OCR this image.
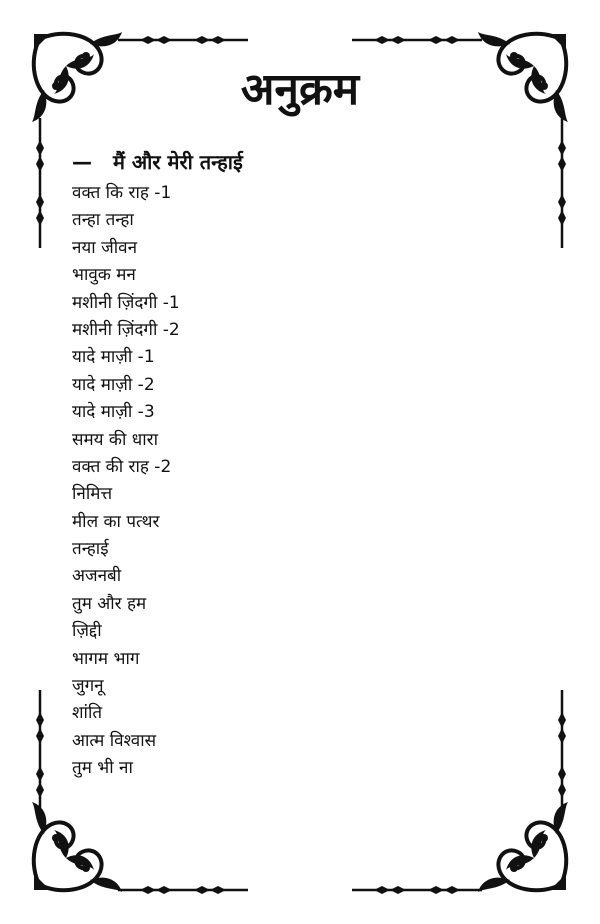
अनुक्रम
— मैं और मेरी तन्हाई
वक्त कि राह -1
तन्हा तन्हा
नया जीवन
भावुक मन
मशीनी ज़िंदगी -1
मशीनी ज़िंदगी -2
यादे माज़ी -1
यादे माज़ी -2
यादे माज़ी -3
समय की धारा
वक्त की राह -2
निमित्त
मील का पत्थर
तन्हाई
अजनबी
तुम और हम
ज़िद्दी
भागम भाग
जुगनू
शांति
आत्म विश्वास
तुम भी ना
